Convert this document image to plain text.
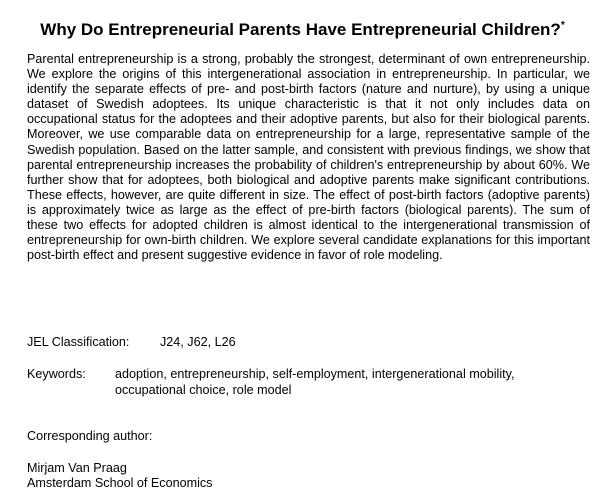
Why Do Entrepreneurial Parents Have Entrepreneurial Children?*

Parental entrepreneurship is a strong, probably the strongest, determinant of own entrepreneurship. We explore the origins of this intergenerational association in entrepreneurship. In particular, we identify the separate effects of pre- and post-birth factors (nature and nurture), by using a unique dataset of Swedish adoptees. Its unique characteristic is that it not only includes data on occupational status for the adoptees and their adoptive parents, but also for their biological parents. Moreover, we use comparable data on entrepreneurship for a large, representative sample of the Swedish population. Based on the latter sample, and consistent with previous findings, we show that parental entrepreneurship increases the probability of children's entrepreneurship by about 60%. We further show that for adoptees, both biological and adoptive parents make significant contributions. These effects, however, are quite different in size. The effect of post-birth factors (adoptive parents) is approximately twice as large as the effect of pre-birth factors (biological parents). The sum of these two effects for adopted children is almost identical to the intergenerational transmission of entrepreneurship for own-birth children. We explore several candidate explanations for this important post-birth effect and present suggestive evidence in favor of role modeling.

JEL Classification: J24, J62, L26
Keywords: adoption, entrepreneurship, self-employment, intergenerational mobility, occupational choice, role model
Corresponding author:
Mirjam Van Praag
Amsterdam School of Economics
